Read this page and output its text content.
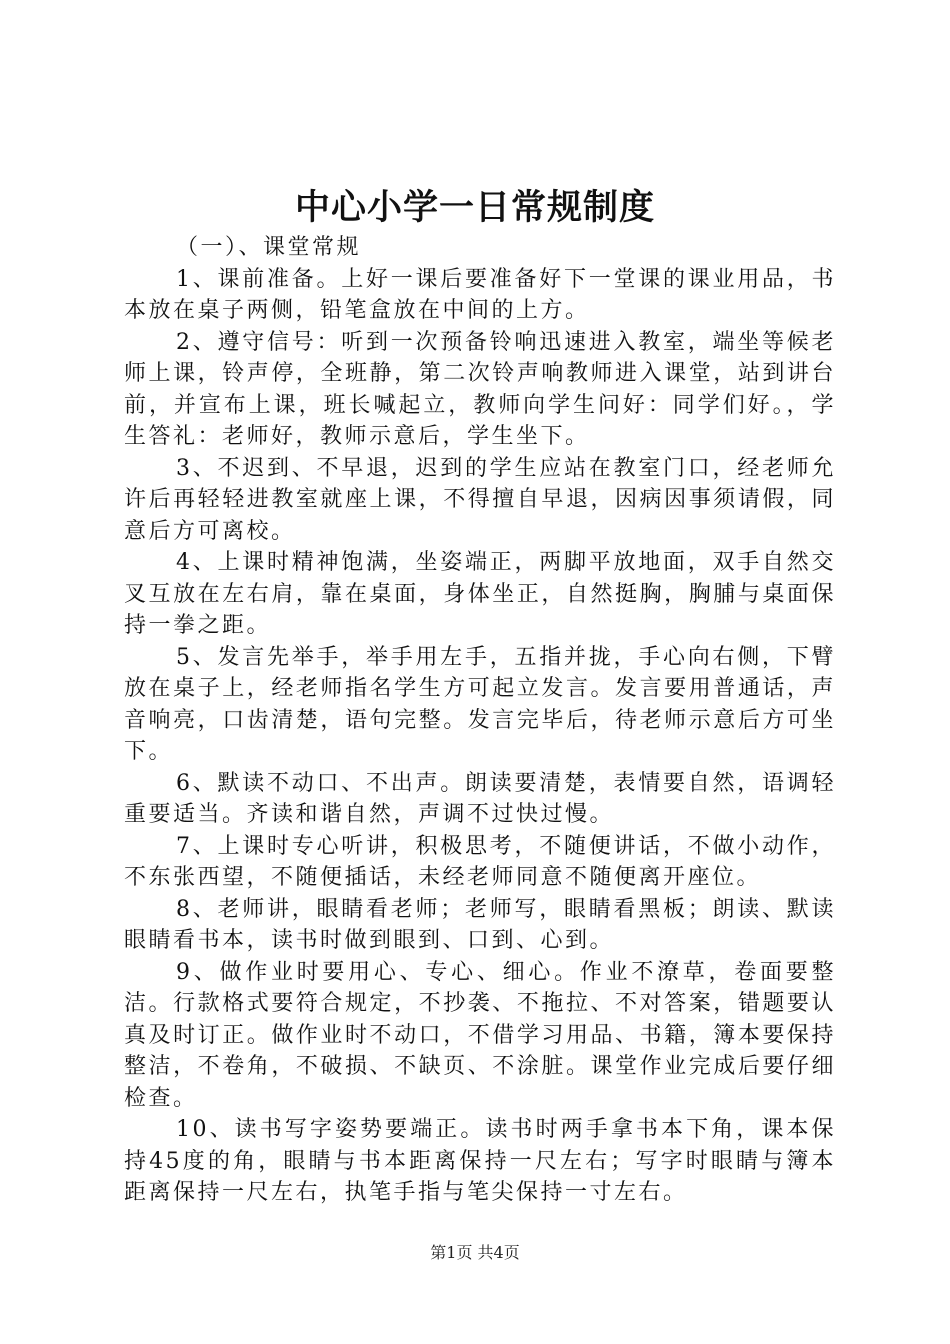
中心小学一日常规制度

（一）、课堂常规

1、课前准备。上好一课后要准备好下一堂课的课业用品，书本放在桌子两侧，铅笔盒放在中间的上方。

2、遵守信号：听到一次预备铃响迅速进入教室，端坐等候老师上课，铃声停，全班静，第二次铃声响教师进入课堂，站到讲台前，并宣布上课，班长喊起立，教师向学生问好：同学们好。，学生答礼：老师好，教师示意后，学生坐下。

3、不迟到、不早退，迟到的学生应站在教室门口，经老师允许后再轻轻进教室就座上课，不得擅自早退，因病因事须请假，同意后方可离校。

4、上课时精神饱满，坐姿端正，两脚平放地面，双手自然交叉互放在左右肩，靠在桌面，身体坐正，自然挺胸，胸脯与桌面保持一拳之距。

5、发言先举手，举手用左手，五指并拢，手心向右侧，下臂放在桌子上，经老师指名学生方可起立发言。发言要用普通话，声音响亮，口齿清楚，语句完整。发言完毕后，待老师示意后方可坐下。

6、默读不动口、不出声。朗读要清楚，表情要自然，语调轻重要适当。齐读和谐自然，声调不过快过慢。

7、上课时专心听讲，积极思考，不随便讲话，不做小动作，不东张西望，不随便插话，未经老师同意不随便离开座位。

8、老师讲，眼睛看老师；老师写，眼睛看黑板；朗读、默读眼睛看书本，读书时做到眼到、口到、心到。

9、做作业时要用心、专心、细心。作业不潦草，卷面要整洁。行款格式要符合规定，不抄袭、不拖拉、不对答案，错题要认真及时订正。做作业时不动口，不借学习用品、书籍，簿本要保持整洁，不卷角，不破损、不缺页、不涂脏。课堂作业完成后要仔细检查。

10、读书写字姿势要端正。读书时两手拿书本下角，课本保持45度的角，眼睛与书本距离保持一尺左右；写字时眼睛与簿本距离保持一尺左右，执笔手指与笔尖保持一寸左右。

第1页 共4页
